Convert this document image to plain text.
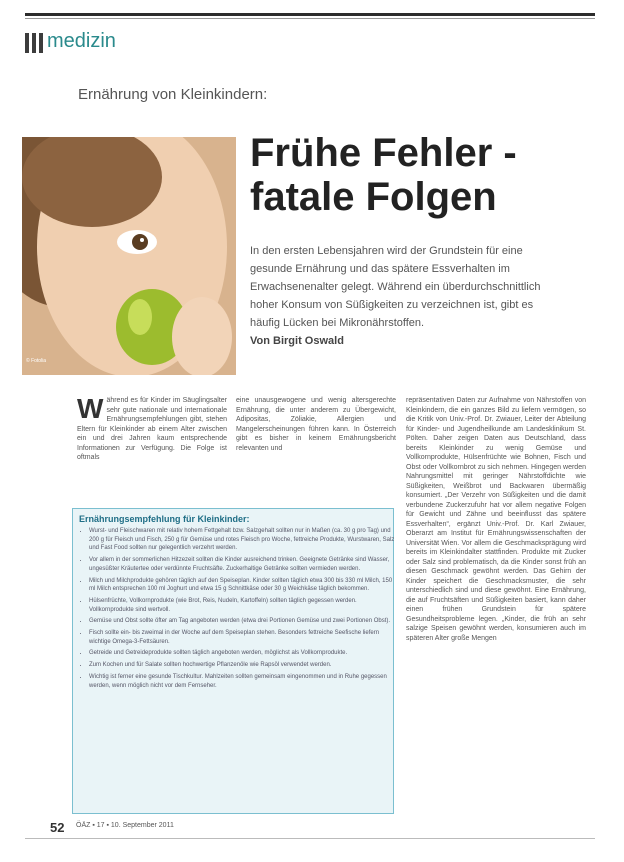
medizin
Ernährung von Kleinkindern:
© Fotolia
Frühe Fehler -
fatale Folgen

In den ersten Lebensjahren wird der Grundstein für eine gesunde Ernährung und das spätere Essverhalten im Erwachsenenalter gelegt. Während ein überdurchschnittlich hoher Konsum von Süßigkeiten zu verzeichnen ist, gibt es häufig Lücken bei Mikronährstoffen.

Von Birgit Oswald

W ährend es für Kinder im Säuglingsalter sehr gute nationale und internationale Ernährungsempfehlungen gibt, stehen Eltern für Kleinkinder ab einem Alter zwischen ein und drei Jahren kaum entsprechende Informationen zur Verfügung. Die Folge ist oftmals
eine unausgewogene und wenig altersgerechte Ernährung, die unter anderem zu Übergewicht, Adipositas, Zöliakie, Allergien und Mangelerscheinungen führen kann. In Österreich gibt es bisher in keinem Ernährungsbericht relevanten und
repräsentativen Daten zur Aufnahme von Nährstoffen von Kleinkindern, die ein ganzes Bild zu liefern vermögen, so die Kritik von Univ.-Prof. Dr. Zwiauer, Leiter der Abteilung für Kinder- und Jugendheilkunde am Landesklinikum St. Pölten. Daher zeigen Daten aus Deutschland, dass bereits Kleinkinder zu wenig Gemüse und Vollkornprodukte, Hülsenfrüchte wie Bohnen, Fisch und Obst oder Vollkornbrot zu sich nehmen. Hingegen werden Nahrungsmittel mit geringer Nährstoffdichte wie Süßigkeiten, Weißbrot und Backwaren übermäßig konsumiert. „Der Verzehr von Süßigkeiten und die damit verbundene Zuckerzufuhr hat vor allem negative Folgen für Gewicht und Zähne und beeinflusst das spätere Essverhalten“, ergänzt Univ.-Prof. Dr. Karl Zwiauer, Oberarzt am Institut für Ernährungswissenschaften der Universität Wien. Vor allem die Geschmacksprägung wird bereits im Kleinkindalter stattfinden. Produkte mit Zucker oder Salz sind problematisch, da die Kinder sonst früh an diesen Geschmack gewöhnt werden. Das Gehirn der Kinder speichert die Geschmacksmuster, die sehr unterschiedlich sind und diese gewöhnt. Eine Ernährung, die auf Fruchtsäften und Süßigkeiten basiert, kann daher einen frühen Grundstein für spätere Gesundheitsprobleme legen. „Kinder, die früh an sehr salzige Speisen gewöhnt werden, konsumieren auch im späteren Alter große Mengen
Ernährungsempfehlung für Kleinkinder:
• Wurst- und Fleischwaren mit relativ hohem Fettgehalt bzw. Salzgehalt sollten nur in Maßen (ca. 30 g pro Tag) und 200 g für Fleisch und Fisch, 250 g für Gemüse und rotes Fleisch pro Woche, fettreiche Produkte, Wurstwaren, Salz und Fast Food sollten nur gelegentlich verzehrt werden.
• Vor allem in der sommerlichen Hitzezeit sollten die Kinder ausreichend trinken. Geeignete Getränke sind Wasser, ungesüßter Kräutertee oder verdünnte Fruchtsäfte. Zuckerhaltige Getränke sollten vermieden werden.
• Milch und Milchprodukte gehören täglich auf den Speiseplan. Kinder sollten täglich etwa 300 bis 330 ml Milch, 150 ml Milch entsprechen 100 ml Joghurt und etwa 15 g Schnittkäse oder 30 g Weichkäse täglich bekommen.
• Hülsenfrüchte, Vollkornprodukte (wie Brot, Reis, Nudeln, Kartoffeln) sollten täglich gegessen werden. Vollkornprodukte sind wertvoll.
• Gemüse und Obst sollte öfter am Tag angeboten werden (etwa drei Portionen Gemüse und zwei Portionen Obst).
• Fisch sollte ein- bis zweimal in der Woche auf dem Speiseplan stehen. Besonders fettreiche Seefische liefern wichtige Omega-3-Fettsäuren.
• Getreide und Getreideprodukte sollten täglich angeboten werden, möglichst als Vollkornprodukte.
• Zum Kochen und für Salate sollten hochwertige Pflanzenöle wie Rapsöl verwendet werden.
• Wichtig ist ferner eine gesunde Tischkultur. Mahlzeiten sollten gemeinsam eingenommen und in Ruhe gegessen werden, wenn möglich nicht vor dem Fernseher.
52 ÖÄZ ▪ 17 ▪ 10. September 2011
